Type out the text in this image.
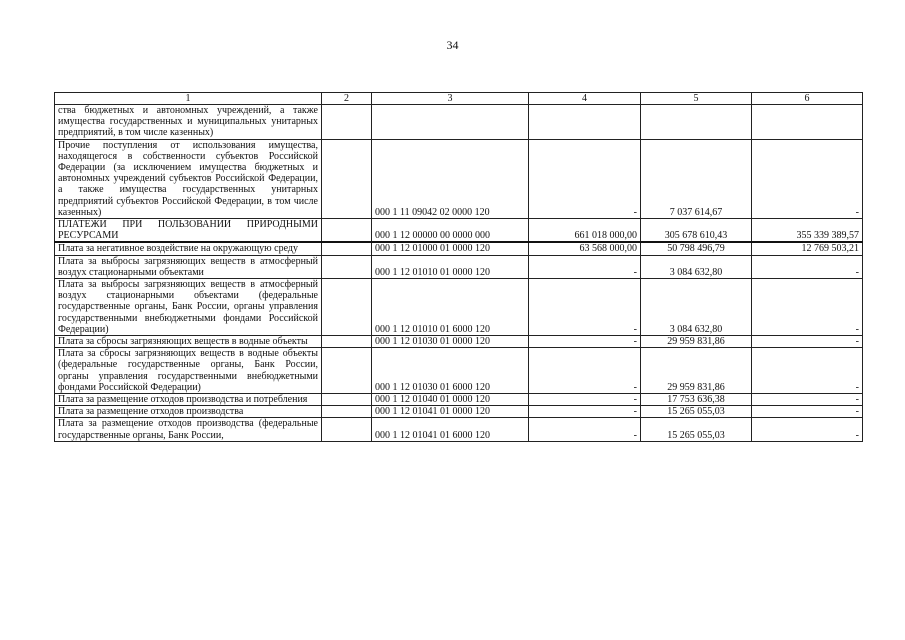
34
1	2	3	4	5	6
ства бюджетных и автономных учреждений, а также имущества государственных и муниципальных унитарных предприятий, в том числе казенных)					
Прочие поступления от использования имущества, находящегося в собственности субъектов Российской Федерации (за исключением имущества бюджетных и автономных учреждений субъектов Российской Федерации, а также имущества государственных унитарных предприятий субъектов Российской Федерации, в том числе казенных)		000 1 11 09042 02 0000 120	-	7 037 614,67	-
ПЛАТЕЖИ ПРИ ПОЛЬЗОВАНИИ ПРИРОДНЫМИ РЕСУРСАМИ		000 1 12 00000 00 0000 000	661 018 000,00	305 678 610,43	355 339 389,57
Плата за негативное воздействие на окружающую среду		000 1 12 01000 01 0000 120	63 568 000,00	50 798 496,79	12 769 503,21
Плата за выбросы загрязняющих веществ в атмосферный воздух стационарными объектами		000 1 12 01010 01 0000 120	-	3 084 632,80	-
Плата за выбросы загрязняющих веществ в атмосферный воздух стационарными объектами (федеральные государственные органы, Банк России, органы управления государственными внебюджетными фондами Российской Федерации)		000 1 12 01010 01 6000 120	-	3 084 632,80	-
Плата за сбросы загрязняющих веществ в водные объекты		000 1 12 01030 01 0000 120	-	29 959 831,86	-
Плата за сбросы загрязняющих веществ в водные объекты (федеральные государственные органы, Банк России, органы управления государственными внебюджетными фондами Российской Федерации)		000 1 12 01030 01 6000 120	-	29 959 831,86	-
Плата за размещение отходов производства и потребления		000 1 12 01040 01 0000 120	-	17 753 636,38	-
Плата за размещение отходов производства		000 1 12 01041 01 0000 120	-	15 265 055,03	-
Плата за размещение отходов производства (федеральные государственные органы, Банк России,		000 1 12 01041 01 6000 120	-	15 265 055,03	-
